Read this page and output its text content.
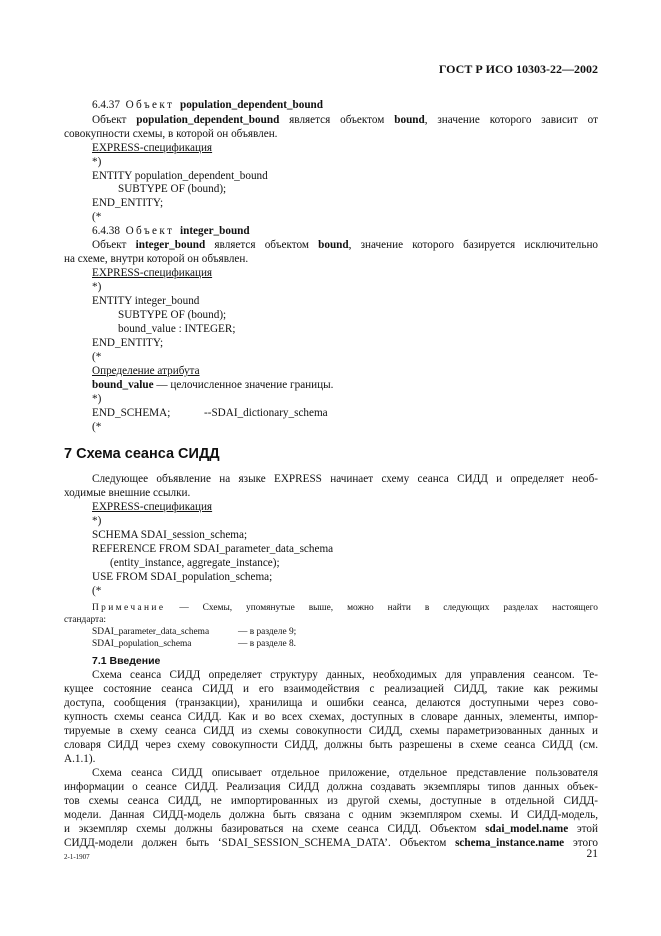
ГОСТ Р ИСО 10303-22—2002
6.4.37 Объект population_dependent_bound
Объект population_dependent_bound является объектом bound, значение которого зависит от
совокупности схемы, в которой он объявлен.
EXPRESS-спецификация
*)
ENTITY population_dependent_bound
SUBTYPE OF (bound);
END_ENTITY;
(*
6.4.38 Объект integer_bound
Объект integer_bound является объектом bound, значение которого базируется исключительно
на схеме, внутри которой он объявлен.
EXPRESS-спецификация
*)
ENTITY integer_bound
SUBTYPE OF (bound);
bound_value : INTEGER;
END_ENTITY;
(*
Определение атрибута
bound_value — целочисленное значение границы.
*)
END_SCHEMA;	--SDAI_dictionary_schema
(*
7 Схема сеанса СИДД
Следующее объявление на языке EXPRESS начинает схему сеанса СИДД и определяет необ-
ходимые внешние ссылки.
EXPRESS-спецификация
*)
SCHEMA SDAI_session_schema;
REFERENCE FROM SDAI_parameter_data_schema
(entity_instance, aggregate_instance);
USE FROM SDAI_population_schema;
(*
Примечание — Схемы, упомянутые выше, можно найти в следующих разделах настоящего
стандарта:
SDAI_parameter_data_schema	— в разделе 9;
SDAI_population_schema	— в разделе 8.
7.1 Введение
Схема сеанса СИДД определяет структуру данных, необходимых для управления сеансом. Те-
кущее состояние сеанса СИДД и его взаимодействия с реализацией СИДД, такие как режимы
доступа, сообщения (транзакции), хранилища и ошибки сеанса, делаются доступными через сово-
купность схемы сеанса СИДД. Как и во всех схемах, доступных в словаре данных, элементы, импор-
тируемые в схему сеанса СИДД из схемы совокупности СИДД, схемы параметризованных данных и
словаря СИДД через схему совокупности СИДД, должны быть разрешены в схеме сеанса СИДД (см.
А.1.1).
Схема сеанса СИДД описывает отдельное приложение, отдельное представление пользователя
информации о сеансе СИДД. Реализация СИДД должна создавать экземпляры типов данных объек-
тов схемы сеанса СИДД, не импортированных из другой схемы, доступные в отдельной СИДД-
модели. Данная СИДД-модель должна быть связана с одним экземпляром схемы. И СИДД-модель,
и экземпляр схемы должны базироваться на схеме сеанса СИДД. Объектом sdai_model.name этой
СИДД-модели должен быть ‘SDAI_SESSION_SCHEMA_DATA’. Объектом schema_instance.name этого
2-1-1907	21
